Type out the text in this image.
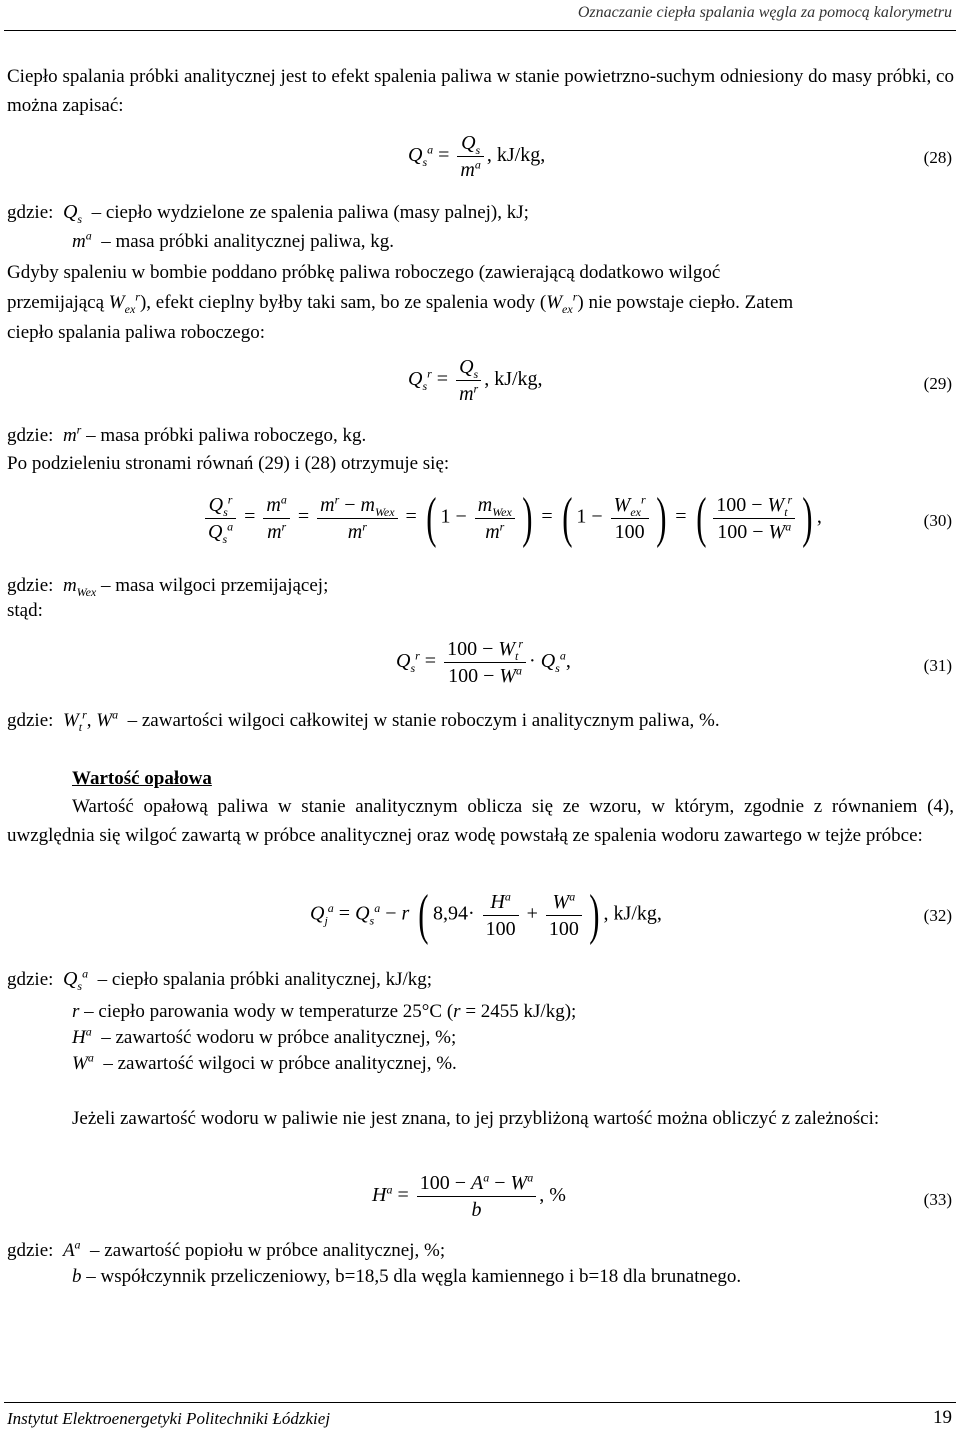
Oznaczanie ciepła spalania węgla za pomocą kalorymetru
Ciepło spalania próbki analitycznej jest to efekt spalenia paliwa w stanie powietrzno-suchym odniesiony do masy próbki, co można zapisać:
$Q_s^a = \frac{Q_s}{m^a}$ , kJ/kg,	(28)
gdzie: $Q_s$  – ciepło wydzielone ze spalenia paliwa (masy palnej), kJ;
$m^a$  – masa próbki analitycznej paliwa, kg.
Gdyby spaleniu w bombie poddano próbkę paliwa roboczego (zawierającą dodatkowo wilgoć
przemijającą $W_{ex}^r$), efekt cieplny byłby taki sam, bo ze spalenia wody $(W_{ex}^r)$ nie powstaje ciepło. Zatem
ciepło spalania paliwa roboczego:
$Q_s^r = \frac{Q_s}{m^r}$ , kJ/kg,	(29)
gdzie: $m^r$ – masa próbki paliwa roboczego, kg.
Po podzieleniu stronami równań (29) i (28) otrzymuje się:
$\frac{Q_s^r}{Q_s^a} = \frac{m^a}{m^r} = \frac{m^r - m_{Wex}}{m^r}$ = ( $1 - \frac{m_{Wex}}{m^r}$ ) = ( $1 - \frac{W_{ex}^r}{100}$ ) = ( $\frac{100 - W_t^r}{100 - W^a}$ ) ,	(30)
gdzie: $m_{Wex}$ – masa wilgoci przemijającej;
stąd:
$Q_s^r = \frac{100 - W_t^r}{100 - W^a} \cdot Q_s^a$,	(31)
gdzie: $W_t^r$, $W^a$  – zawartości wilgoci całkowitej w stanie roboczym i analitycznym paliwa, %.
Wartość opałowa
Wartość opałową paliwa w stanie analitycznym oblicza się ze wzoru, w którym, zgodnie z równaniem (4), uwzględnia się wilgoć zawartą w próbce analitycznej oraz wodę powstałą ze spalenia wodoru zawartego w tejże próbce:
$Q_j^a = Q_s^a - r$ ( $8,94\cdot \frac{H^a}{100} + \frac{W^a}{100}$ ) , kJ/kg,	(32)
gdzie: $Q_s^a$  – ciepło spalania próbki analitycznej, kJ/kg;
r – ciepło parowania wody w temperaturze 25°C (r = 2455 kJ/kg);
$H^a$  – zawartość wodoru w próbce analitycznej, %;
$W^a$  – zawartość wilgoci w próbce analitycznej, %.
Jeżeli zawartość wodoru w paliwie nie jest znana, to jej przybliżoną wartość można obliczyć z zależności:
$H^a = \frac{100 - A^a - W^a}{b}$ , %	(33)
gdzie: $A^a$  – zawartość popiołu w próbce analitycznej, %;
b – współczynnik przeliczeniowy, b=18,5 dla węgla kamiennego i b=18 dla brunatnego.
Instytut Elektroenergetyki Politechniki Łódzkiej	19
